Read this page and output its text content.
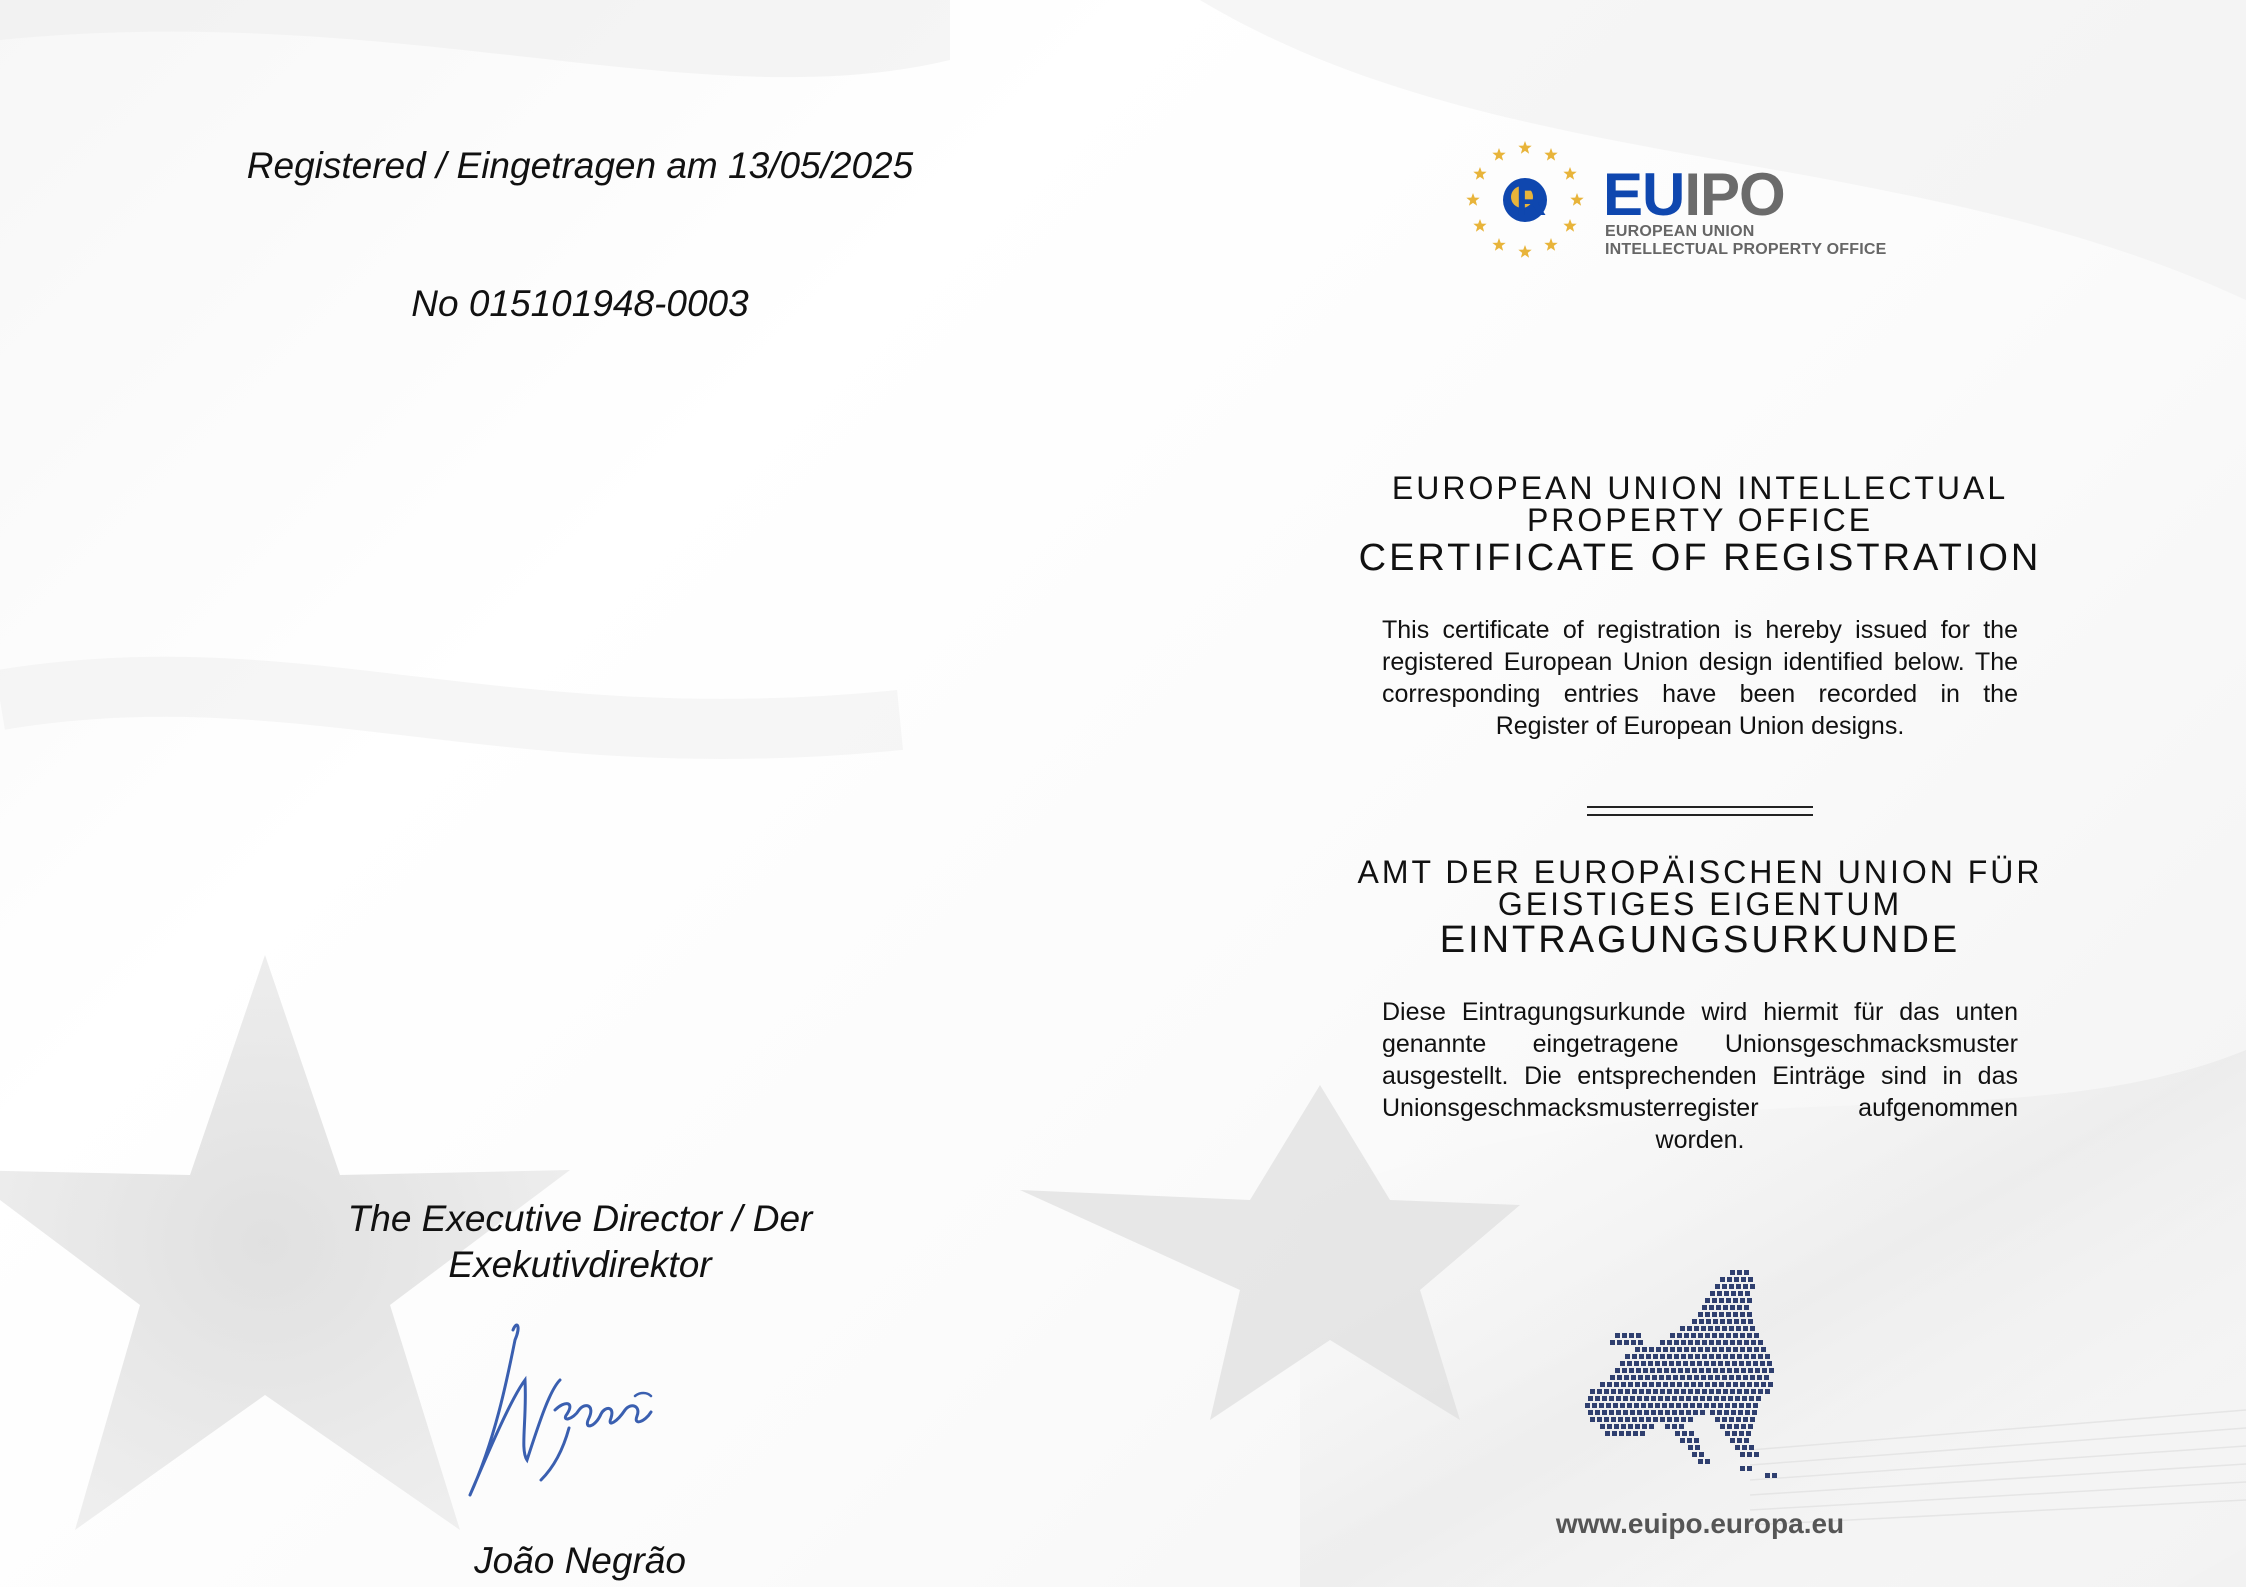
Registered / Eingetragen am 13/05/2025
No 015101948-0003
The Executive Director / Der
Exekutivdirektor
João Negrão
R EUIPO
EUROPEAN UNION
INTELLECTUAL PROPERTY OFFICE
EUROPEAN UNION INTELLECTUAL
PROPERTY OFFICE
CERTIFICATE OF REGISTRATION
This certificate of registration is hereby issued for the registered European Union design identified below. The corresponding entries have been recorded in the Register of European Union designs.
AMT DER EUROPÄISCHEN UNION FÜR
GEISTIGES EIGENTUM
EINTRAGUNGSURKUNDE
Diese Eintragungsurkunde wird hiermit für das unten genannte eingetragene Unionsgeschmacksmuster ausgestellt. Die entsprechenden Einträge sind in das Unionsgeschmacksmusterregister aufgenommen worden.
www.euipo.europa.eu
